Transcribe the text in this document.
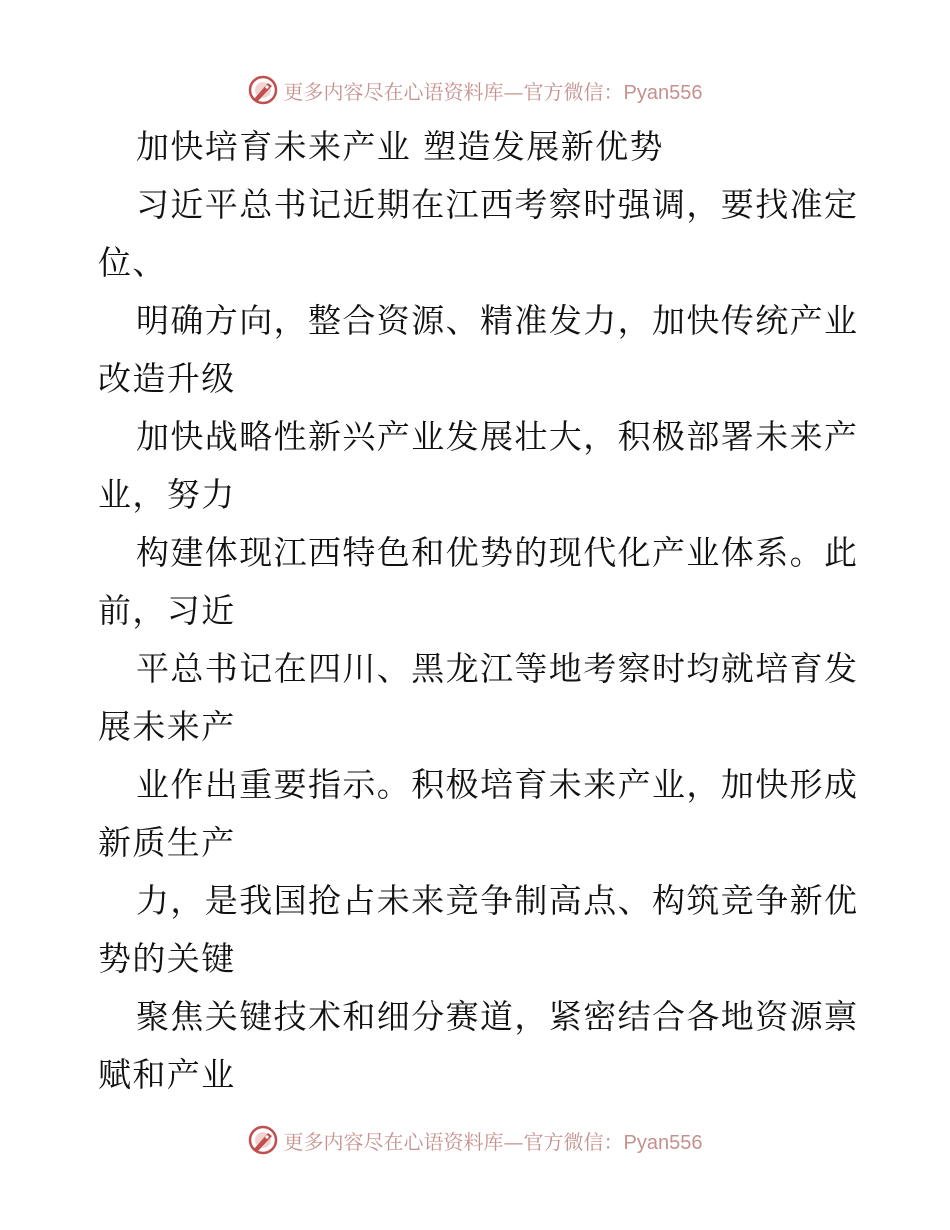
更多内容尽在心语资料库—官方微信：Pyan556
加快培育未来产业 塑造发展新优势
习近平总书记近期在江西考察时强调，要找准定
位、
明确方向，整合资源、精准发力，加快传统产业
改造升级
加快战略性新兴产业发展壮大，积极部署未来产
业，努力
构建体现江西特色和优势的现代化产业体系。此
前，习近
平总书记在四川、黑龙江等地考察时均就培育发
展未来产
业作出重要指示。积极培育未来产业，加快形成
新质生产
力，是我国抢占未来竞争制高点、构筑竞争新优
势的关键
聚焦关键技术和细分赛道，紧密结合各地资源禀
赋和产业
更多内容尽在心语资料库—官方微信：Pyan556
